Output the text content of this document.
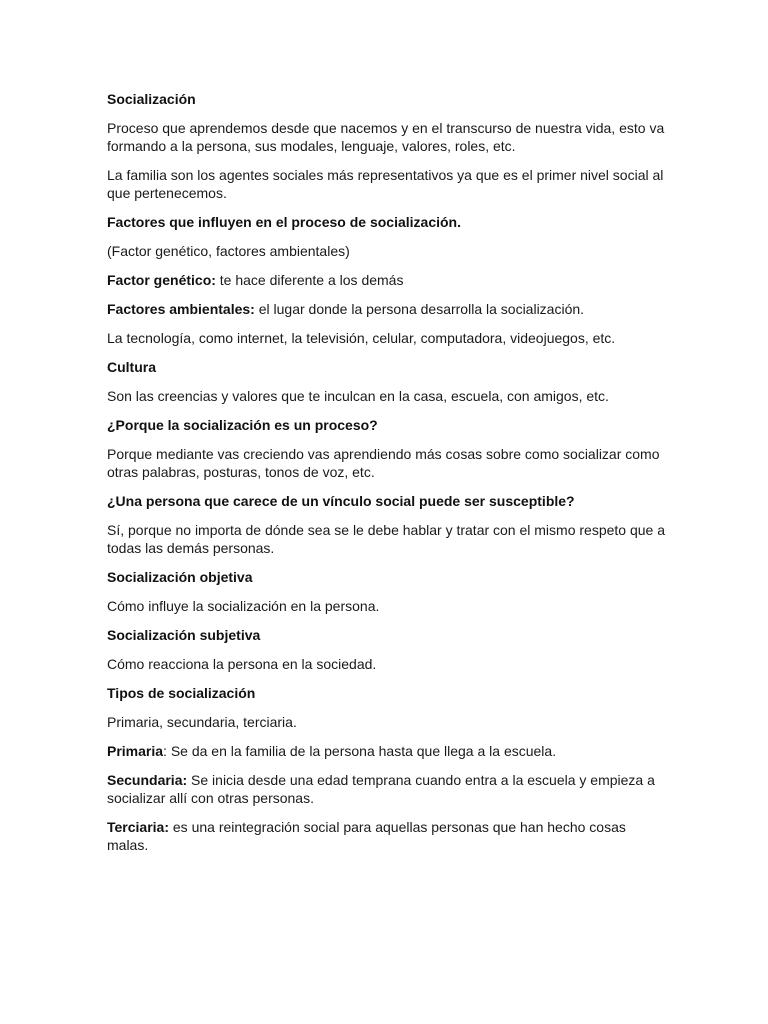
Socialización

Proceso que aprendemos desde que nacemos y en el transcurso de nuestra vida, esto va formando a la persona, sus modales, lenguaje, valores, roles, etc.

La familia son los agentes sociales más representativos ya que es el primer nivel social al que pertenecemos.

Factores que influyen en el proceso de socialización.

(Factor genético, factores ambientales)

Factor genético: te hace diferente a los demás

Factores ambientales: el lugar donde la persona desarrolla la socialización.

La tecnología, como internet, la televisión, celular, computadora, videojuegos, etc.

Cultura

Son las creencias y valores que te inculcan en la casa, escuela, con amigos, etc.

¿Porque la socialización es un proceso?

Porque mediante vas creciendo vas aprendiendo más cosas sobre como socializar como otras palabras, posturas, tonos de voz, etc.

¿Una persona que carece de un vínculo social puede ser susceptible?

Sí, porque no importa de dónde sea se le debe hablar y tratar con el mismo respeto que a todas las demás personas.

Socialización objetiva

Cómo influye la socialización en la persona.

Socialización subjetiva

Cómo reacciona la persona en la sociedad.

Tipos de socialización

Primaria, secundaria, terciaria.

Primaria: Se da en la familia de la persona hasta que llega a la escuela.

Secundaria: Se inicia desde una edad temprana cuando entra a la escuela y empieza a socializar allí con otras personas.

Terciaria: es una reintegración social para aquellas personas que han hecho cosas malas.
